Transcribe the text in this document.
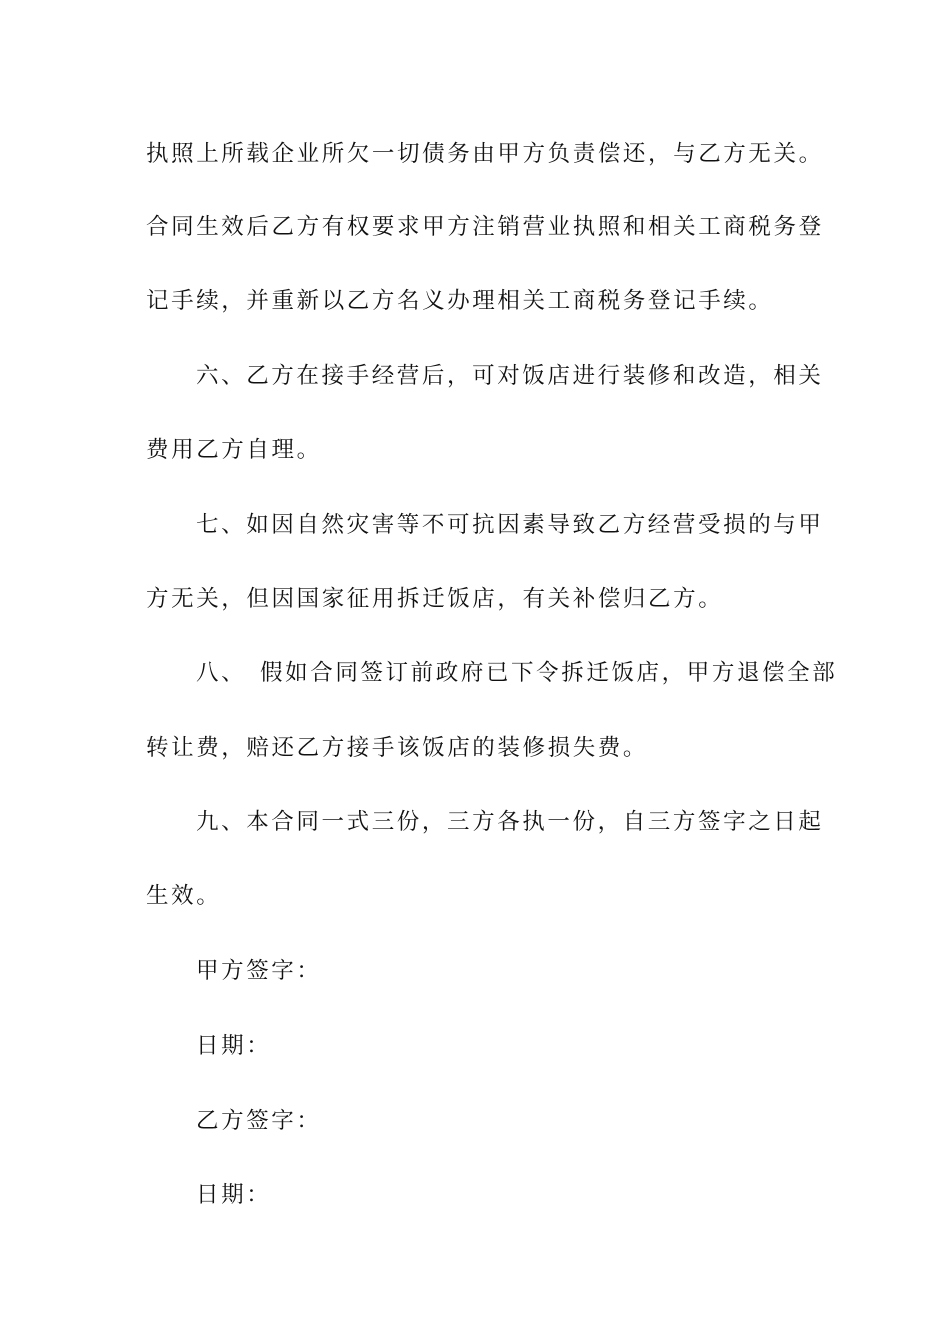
执照上所载企业所欠一切债务由甲方负责偿还，与乙方无关。
合同生效后乙方有权要求甲方注销营业执照和相关工商税务登
记手续，并重新以乙方名义办理相关工商税务登记手续。
六、乙方在接手经营后，可对饭店进行装修和改造，相关
费用乙方自理。
七、如因自然灾害等不可抗因素导致乙方经营受损的与甲
方无关，但因国家征用拆迁饭店，有关补偿归乙方。
八、　假如合同签订前政府已下令拆迁饭店，甲方退偿全部
转让费，赔还乙方接手该饭店的装修损失费。
九、本合同一式三份，三方各执一份，自三方签字之日起
生效。
甲方签字：
日期：
乙方签字：
日期：
